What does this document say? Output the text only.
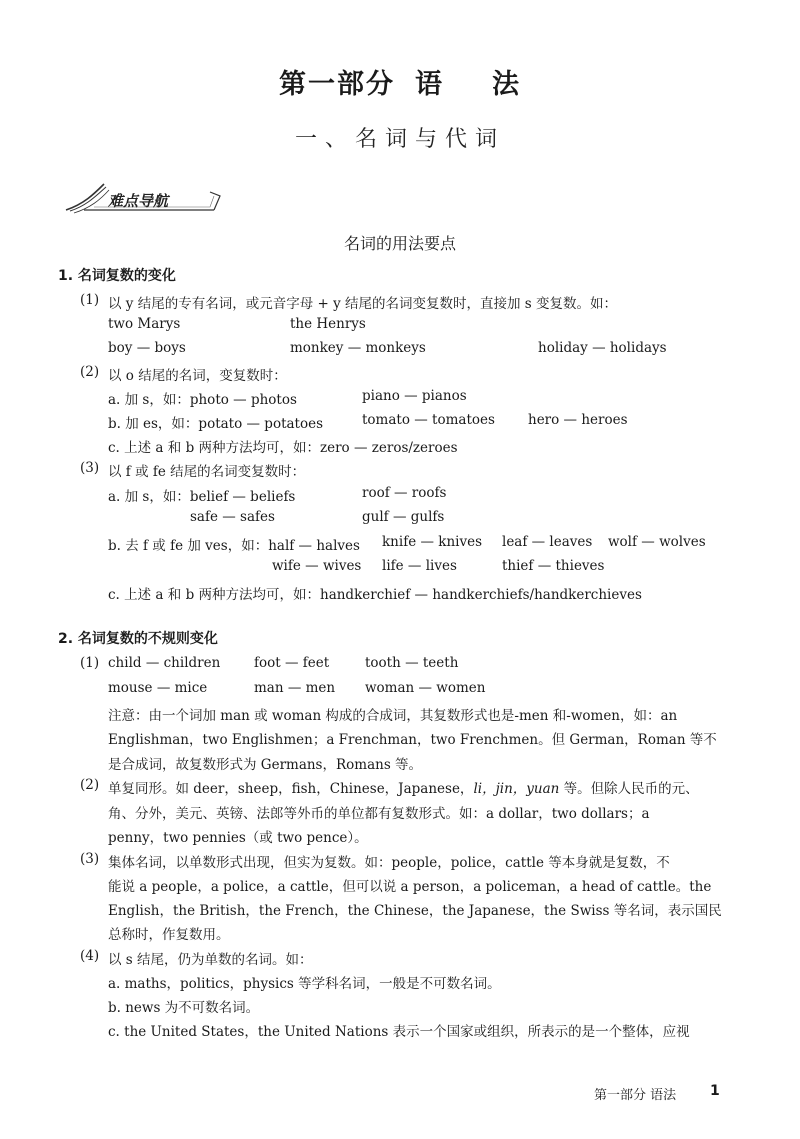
第一部分 语 法
一、名词与代词
难点导航
名词的用法要点
1. 名词复数的变化
(1) 以 y 结尾的专有名词，或元音字母 + y 结尾的名词变复数时，直接加 s 变复数。如：
two Marys	the Henrys
boy — boys	monkey — monkeys	holiday — holidays
(2) 以 o 结尾的名词，变复数时：
a. 加 s，如：photo — photos	piano — pianos
b. 加 es，如：potato — potatoes	tomato — tomatoes hero — heroes
c. 上述 a 和 b 两种方法均可，如：zero — zeros/zeroes
(3) 以 f 或 fe 结尾的名词变复数时：
a. 加 s，如：belief — beliefs	roof — roofs
safe — safes	gulf — gulfs
b. 去 f 或 fe 加 ves，如：half — halves knife — knives leaf — leaves wolf — wolves
wife — wives life — lives	thief — thieves
c. 上述 a 和 b 两种方法均可，如：handkerchief — handkerchiefs/handkerchieves
2. 名词复数的不规则变化
(1) child — children foot — feet	tooth — teeth
mouse — mice	man — men woman — women
注意：由一个词加 man 或 woman 构成的合成词，其复数形式也是-men 和-women，如：an
Englishman，two Englishmen；a Frenchman，two Frenchmen。但 German，Roman 等不
是合成词，故复数形式为 Germans，Romans 等。
(2) 单复同形。如 deer，sheep，fish，Chinese，Japanese，li，jin，yuan 等。但除人民币的元、
角、分外，美元、英镑、法郎等外币的单位都有复数形式。如：a dollar，two dollars；a
penny，two pennies（或 two pence）。
(3) 集体名词，以单数形式出现，但实为复数。如：people，police，cattle 等本身就是复数，不
能说 a people，a police，a cattle，但可以说 a person，a policeman，a head of cattle。the
English，the British，the French，the Chinese，the Japanese，the Swiss 等名词，表示国民
总称时，作复数用。
(4) 以 s 结尾，仍为单数的名词。如：
a. maths，politics，physics 等学科名词，一般是不可数名词。
b. news 为不可数名词。
c. the United States，the United Nations 表示一个国家或组织，所表示的是一个整体，应视
第一部分 语法 1
